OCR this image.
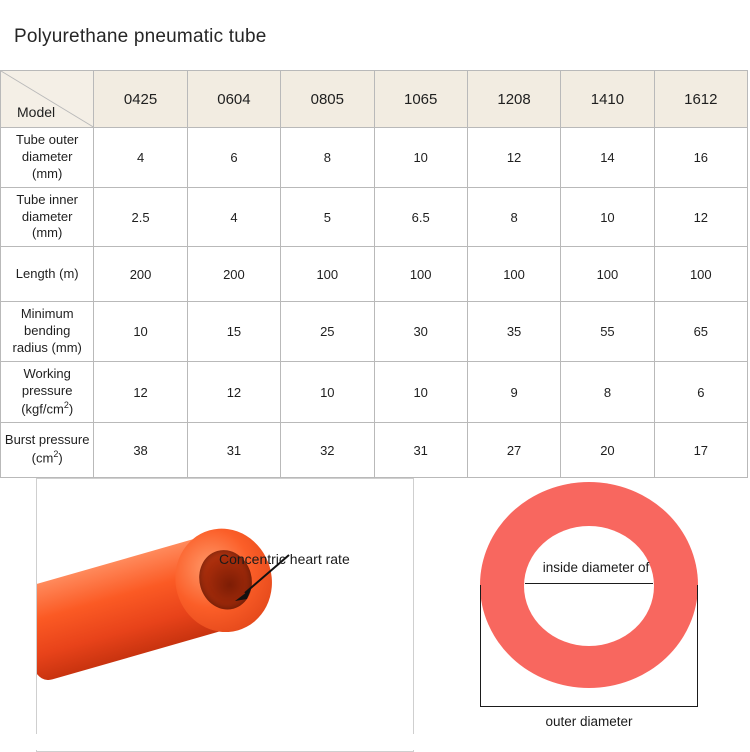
Polyurethane pneumatic tube
Model	0425	0604	0805	1065	1208	1410	1612

Tube outer diameter
(mm)	4	6	8	10	12	14	16

Tube inner diameter
(mm)	2.5	4	5	6.5	8	10	12

Length (m)	200	200	100	100	100	100	100

Minimum bending
radius (mm)	10	15	25	30	35	55	65

Working pressure
$(kgf/cm^2)$	12	12	10	10	9	8	6

Burst pressure $(cm^2)$	38	31	32	31	27	20	17
Concentric heart rate
inside diameter of
outer diameter
